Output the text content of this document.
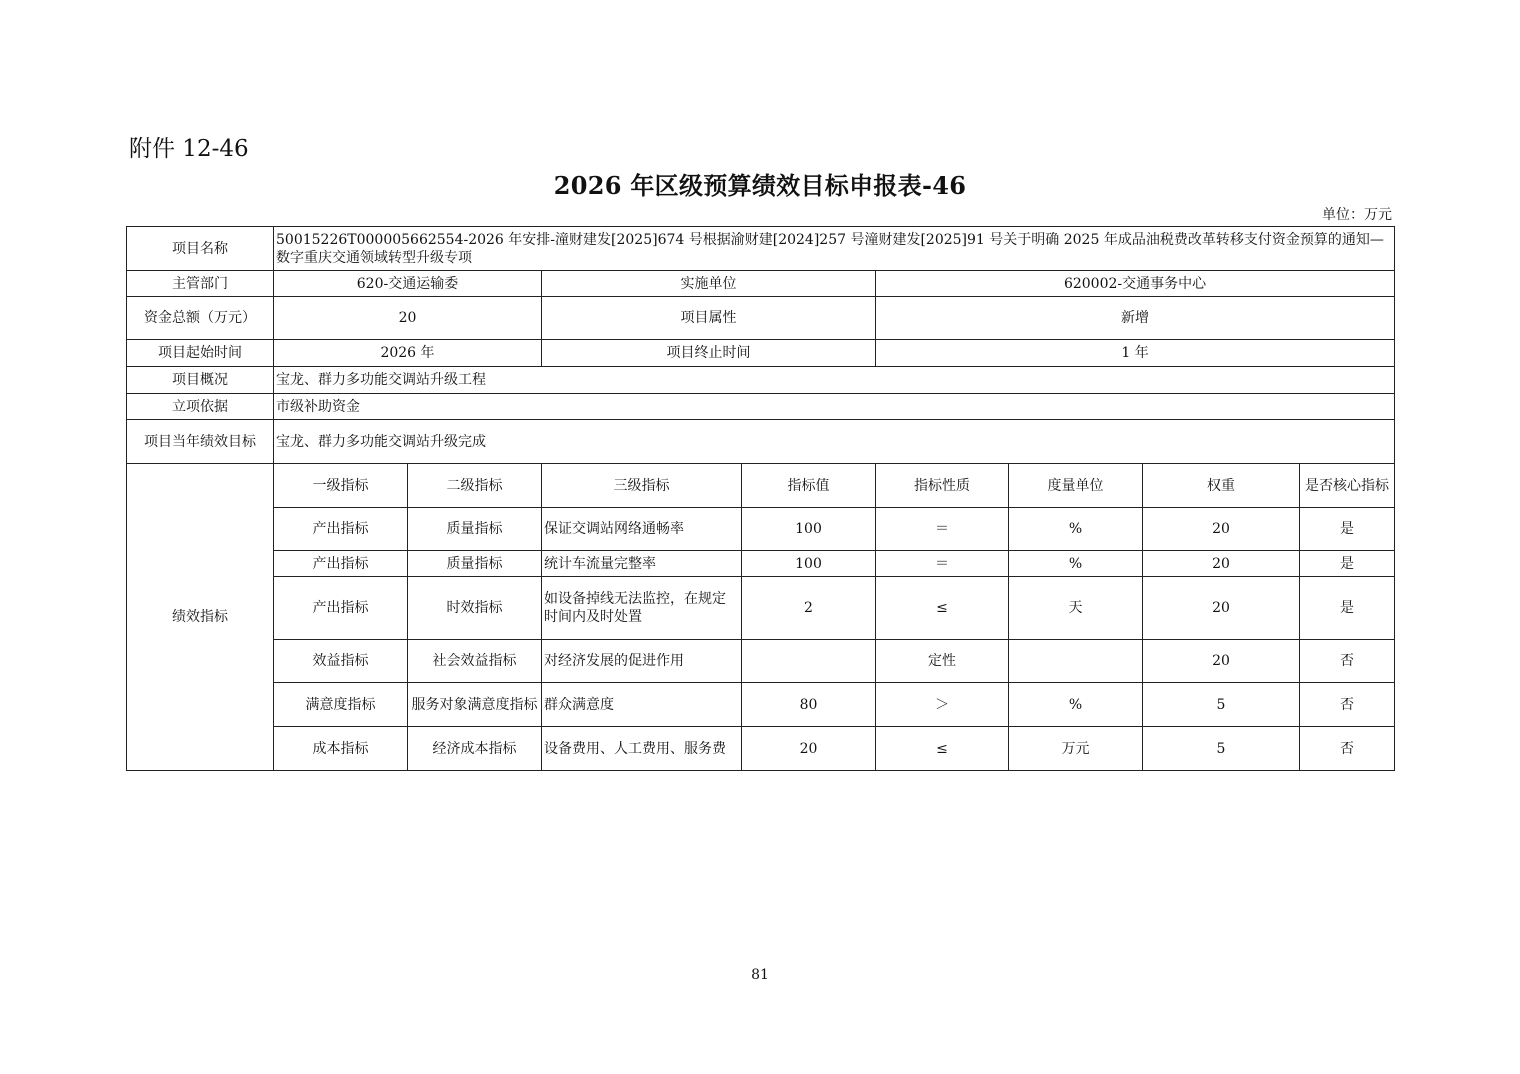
附件 12-46
2026 年区级预算绩效目标申报表-46
单位：万元
项目名称	50015226T000005662554-2026 年安排-潼财建发[2025]674 号根据渝财建[2024]257 号潼财建发[2025]91 号关于明确 2025 年成品油税费改革转移支付资金预算的通知—数字重庆交通领域转型升级专项							
主管部门	620-交通运输委		实施单位		620002-交通事务中心			
资金总额（万元）	20		项目属性		新增			
项目起始时间	2026 年		项目终止时间		1 年			
项目概况	宝龙、群力多功能交调站升级工程							
立项依据	市级补助资金							
项目当年绩效目标	宝龙、群力多功能交调站升级完成							
绩效指标	一级指标	二级指标	三级指标	指标值	指标性质	度量单位	权重	是否核心指标
	产出指标	质量指标	保证交调站网络通畅率	100	＝	%	20	是
	产出指标	质量指标	统计车流量完整率	100	＝	%	20	是
	产出指标	时效指标	如设备掉线无法监控，在规定时间内及时处置	2	≤	天	20	是
	效益指标	社会效益指标	对经济发展的促进作用		定性		20	否
	满意度指标	服务对象满意度指标	群众满意度	80	＞	%	5	否
	成本指标	经济成本指标	设备费用、人工费用、服务费	20	≤	万元	5	否
81
